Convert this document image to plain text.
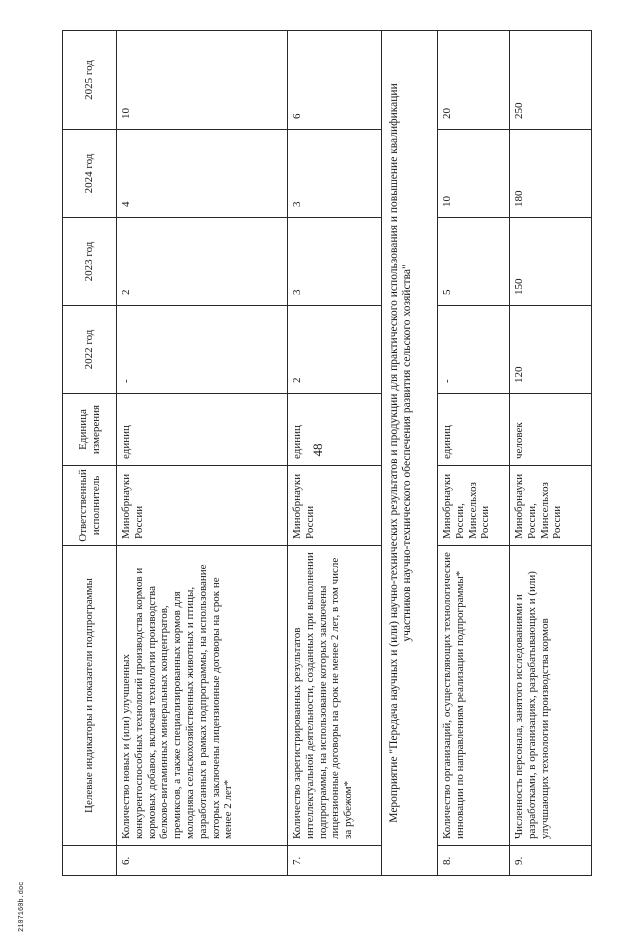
48
2107160b.doc
	Целевые индикаторы и показатели подпрограммы	Ответственный исполнитель	Единица измерения	2022 год	2023 год	2024 год	2025 год
6.	Количество новых и (или) улучшенных конкурентоспособных технологий производства кормов и кормовых добавок, включая технологии производства белково-витаминных минеральных концентратов, премиксов, а также специализированных кормов для молодняка сельскохозяйственных животных и птицы, разработанных в рамках подпрограммы, на использование которых заключены лицензионные договоры на срок не менее 2 лет*	Минобрнауки России	единиц	-	2	4	10
7.	Количество зарегистрированных результатов интеллектуальной деятельности, созданных при выполнении подпрограммы, на использование которых заключены лицензионные договоры на срок не менее 2 лет, в том числе за рубежом*	Минобрнауки России	единиц	2	3	3	6
Мероприятие "Передача научных и (или) научно-технических результатов и продукции для практического использования и повышение квалификации участников научно-технического обеспечения развития сельского хозяйства"							
8.	Количество организаций, осуществляющих технологические инновации по направлениям реализации подпрограммы*	Минобрнауки России, Минсельхоз России	единиц	-	5	10	20
9.	Численность персонала, занятого исследованиями и разработками, в организациях, разрабатывающих и (или) улучшающих технологии производства кормов	Минобрнауки России, Минсельхоз России	человек	120	150	180	250
